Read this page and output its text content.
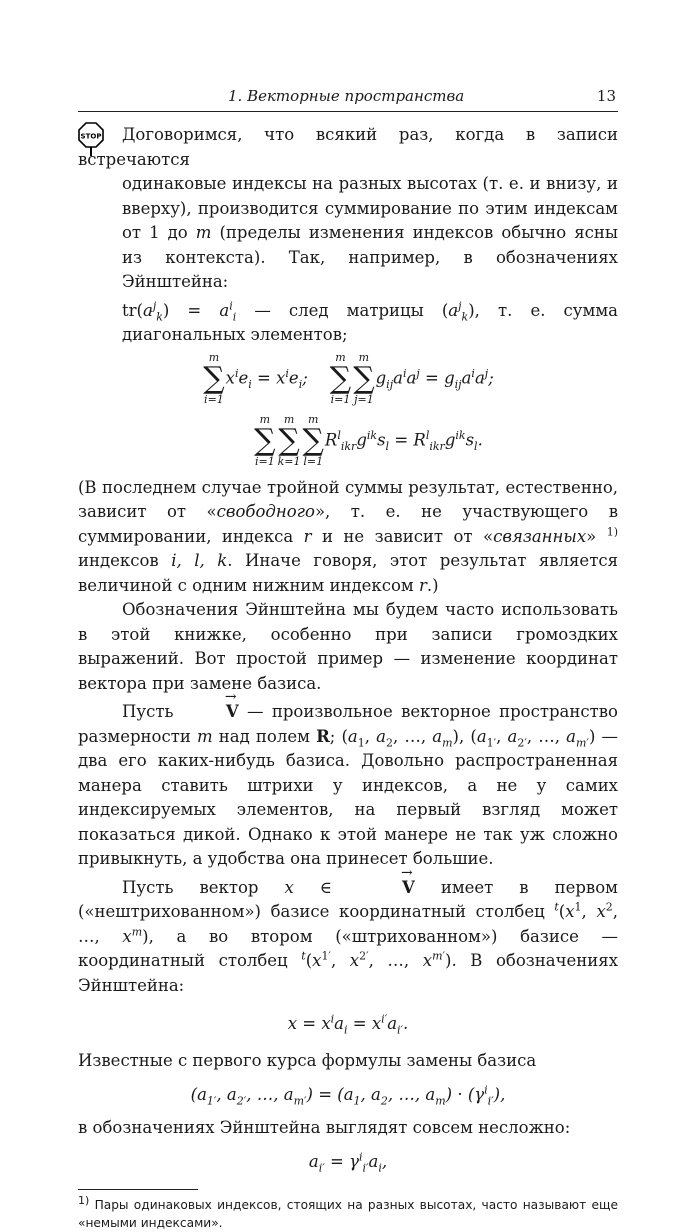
1. Векторные пространства	13
STOP	Договоримся, что всякий раз, когда в записи встречаются

одинаковые индексы на разных высотах (т. е. и внизу, и вверху), производится суммирование по этим индексам от 1 до m (пределы изменения индексов обычно ясны из контекста). Так, например, в обозначениях Эйнштейна:

$tr(a^j_k) = a^i_i$ — след матрицы $(a^j_k)$, т. е. сумма диагональных элементов;

m
∑
i=1
$x^ie_i = x^ie_i$;
m
∑
i=1
m
∑
j=1
$g_{ij}a^ia^j = g_{ij}a^ia^j$;
m
∑
i=1
m
∑
k=1
m
∑
l=1
$R^l_{ikr}g^{ik}s_l = R^l_{ikr}g^{ik}s_l$.

(В последнем случае тройной суммы результат, естественно, зависит от «свободного», т. е. не участвующего в суммировании, индекса r и не зависит от «связанных» $^{1)}$ индексов i, l, k. Иначе говоря, этот результат является величиной с одним нижним индексом r.)

Обозначения Эйнштейна мы будем часто использовать в этой книжке, особенно при записи громоздких выражений. Вот простой пример — изменение координат вектора при замене базиса.

Пусть	→ V — произвольное векторное пространство размерности m над полем R; ($a_1$, $a_2$, …, $a_m$), ($a_{1'}$, $a_{2'}$, …, $a_{m'}$) — два его каких-нибудь базиса. Довольно распространенная манера ставить штрихи у индексов, а не у самих индексируемых элементов, на первый взгляд может показаться дикой. Однако к этой манере не так уж сложно привыкнуть, а удобства она принесет большие.

Пусть вектор x ∈	→ V имеет в первом («нештрихованном») базисе координатный столбец $^t(x^1$, $x^2$, …, $x^m$), а во втором («штрихованном») базисе — координатный столбец $^t(x^{1'}$, $x^{2'}$, …, $x^{m'}$). В обозначениях Эйнштейна:

$x = x^ia_i = x^{i'}a_{i'}$.

Известные с первого курса формулы замены базиса

($a_{1'}$, $a_{2'}$, …, $a_{m'}) = (a_1$, $a_2$, …, $a_m) \cdot (\gamma^i_{i'})$,

в обозначениях Эйнштейна выглядят совсем несложно:

$a_{i'} = \gamma^i_{i'}a_i$,
$^{1)}$ Пары одинаковых индексов, стоящих на разных высотах, часто называют еще «немыми индексами».
